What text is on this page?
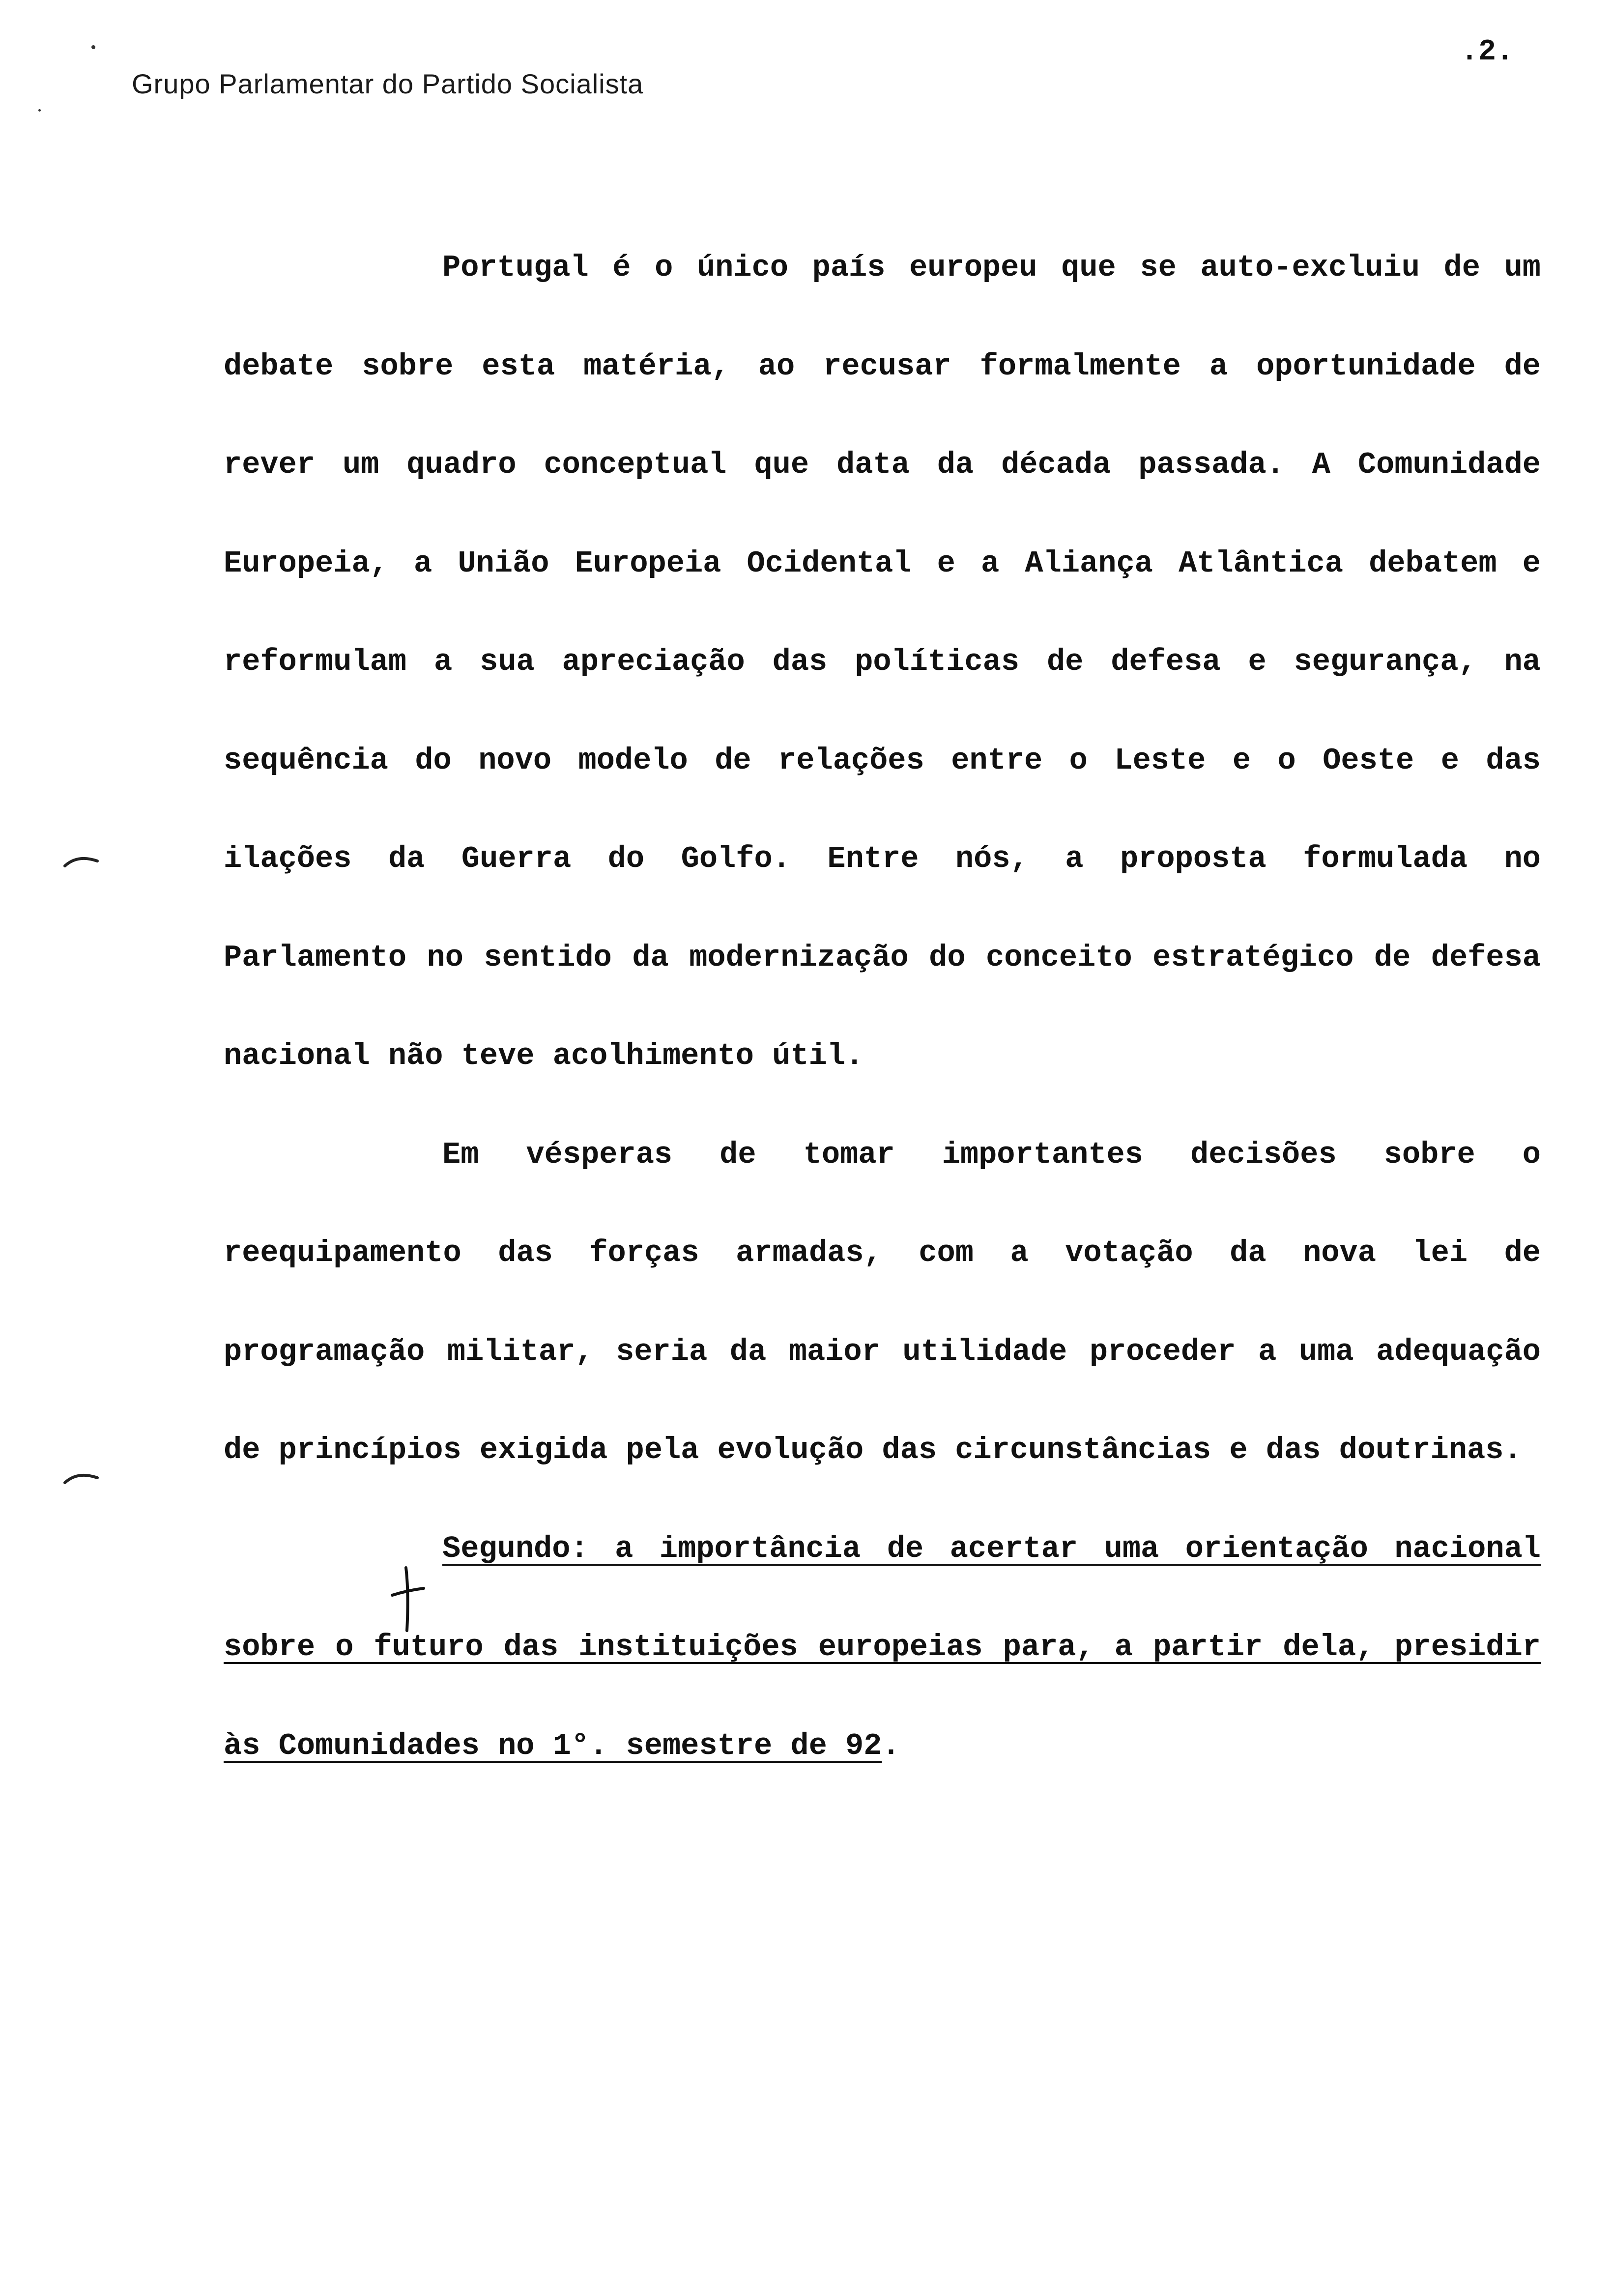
Grupo Parlamentar do Partido Socialista
.2.

Portugal é o único país europeu que se auto-excluiu de um debate sobre esta matéria, ao recusar formalmente a oportunidade de rever um quadro conceptual que data da década passada. A Comunidade Europeia, a União Europeia Ocidental e a Aliança Atlântica debatem e reformulam a sua apreciação das políticas de defesa e segurança, na sequência do novo modelo de relações entre o Leste e o Oeste e das ilações da Guerra do Golfo. Entre nós, a proposta formulada no Parlamento no sentido da modernização do conceito estratégico de defesa nacional não teve acolhimento útil.

Em vésperas de tomar importantes decisões sobre o reequipamento das forças armadas, com a votação da nova lei de programação militar, seria da maior utilidade proceder a uma adequação de princípios exigida pela evolução das circunstâncias e das doutrinas.

Segundo: a importância de acertar uma orientação nacional sobre o futuro das instituições europeias para, a partir dela, presidir às Comunidades no 1°. semestre de 92.
